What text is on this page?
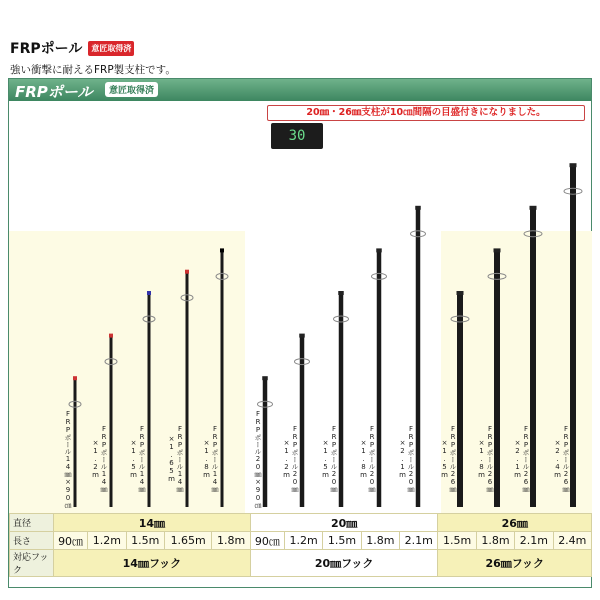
FRPポール	意匠取得済
強い衝撃に耐えるFRP製支柱です。
FRPポール	意匠取得済
20㎜・26㎜支柱が10㎝間隔の目盛付きになりました。
30
FRPポール14㎜×90㎝	FRPポール14㎜×1.2m	FRPポール14㎜×1.5m	FRPポール14㎜×1.65m	FRPポール14㎜×1.8m	FRPポール20㎜×90㎝	FRPポール20㎜×1.2m	FRPポール20㎜×1.5m	FRPポール20㎜×1.8m	FRPポール20㎜×2.1m	FRPポール26㎜×1.5m	FRPポール26㎜×1.8m	FRPポール26㎜×2.1m	FRPポール26㎜×2.4m
直径	14㎜					20㎜					26㎜			
長さ	90㎝	1.2m	1.5m	1.65m	1.8m	90㎝	1.2m	1.5m	1.8m	2.1m	1.5m	1.8m	2.1m	2.4m
対応フック	14㎜フック					20㎜フック					26㎜フック			
